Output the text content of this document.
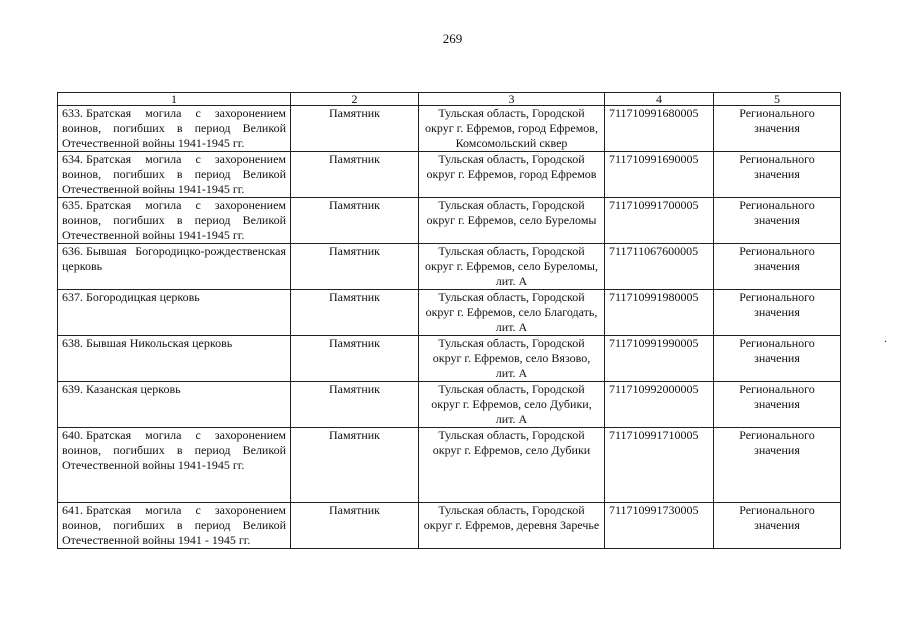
269
1	2	3	4	5
633. Братская могила с захоронением воинов, погибших в период Великой Отечественной войны 1941-1945 гг.	Памятник	Тульская область, Городской округ г. Ефремов, город Ефремов, Комсомольский сквер	711710991680005	Регионального значения
634. Братская могила с захоронением воинов, погибших в период Великой Отечественной войны 1941-1945 гг.	Памятник	Тульская область, Городской округ г. Ефремов, город Ефремов	711710991690005	Регионального значения
635. Братская могила с захоронением воинов, погибших в период Великой Отечественной войны 1941-1945 гг.	Памятник	Тульская область, Городской округ г. Ефремов, село Буреломы	711710991700005	Регионального значения
636. Бывшая Богородицко-рождественская церковь	Памятник	Тульская область, Городской округ г. Ефремов, село Буреломы, лит. А	711711067600005	Регионального значения
637. Богородицкая церковь	Памятник	Тульская область, Городской округ г. Ефремов, село Благодать, лит. А	711710991980005	Регионального значения
638. Бывшая Никольская церковь	Памятник	Тульская область, Городской округ г. Ефремов, село Вязово, лит. А	711710991990005	Регионального значения
639. Казанская церковь	Памятник	Тульская область, Городской округ г. Ефремов, село Дубики, лит. А	711710992000005	Регионального значения
640. Братская могила с захоронением воинов, погибших в период Великой Отечественной войны 1941-1945 гг.	Памятник	Тульская область, Городской округ г. Ефремов, село Дубики	711710991710005	Регионального значения
641. Братская могила с захоронением воинов, погибших в период Великой Отечественной войны 1941 - 1945 гг.	Памятник	Тульская область, Городской округ г. Ефремов, деревня Заречье	711710991730005	Регионального значения
.
